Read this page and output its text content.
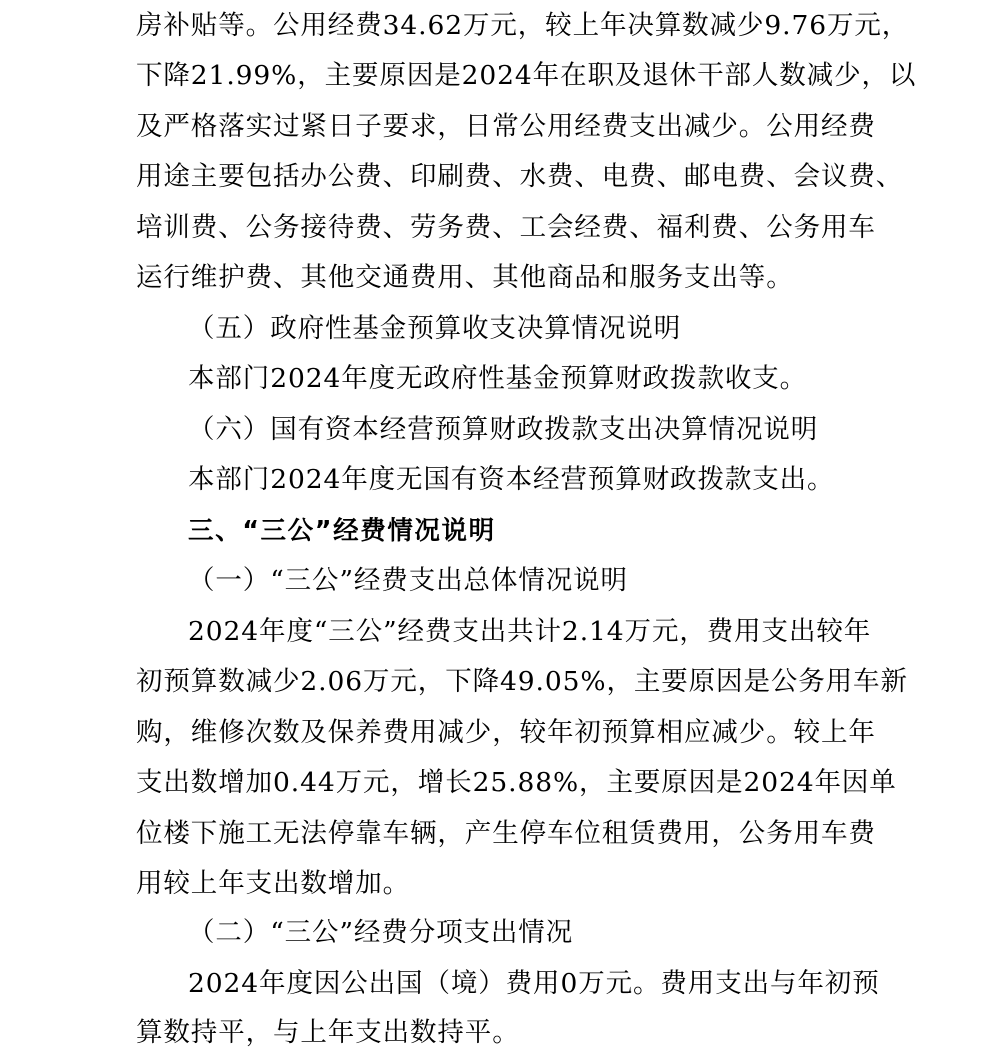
房补贴等。公用经费34.62万元，较上年决算数减少9.76万元，

下降21.99%，主要原因是2024年在职及退休干部人数减少，以

及严格落实过紧日子要求，日常公用经费支出减少。公用经费

用途主要包括办公费、印刷费、水费、电费、邮电费、会议费、

培训费、公务接待费、劳务费、工会经费、福利费、公务用车

运行维护费、其他交通费用、其他商品和服务支出等。

（五）政府性基金预算收支决算情况说明

本部门2024年度无政府性基金预算财政拨款收支。

（六）国有资本经营预算财政拨款支出决算情况说明

本部门2024年度无国有资本经营预算财政拨款支出。

三、“三公”经费情况说明

（一）“三公”经费支出总体情况说明

2024年度“三公”经费支出共计2.14万元，费用支出较年

初预算数减少2.06万元，下降49.05%，主要原因是公务用车新

购，维修次数及保养费用减少，较年初预算相应减少。较上年

支出数增加0.44万元，增长25.88%，主要原因是2024年因单

位楼下施工无法停靠车辆，产生停车位租赁费用，公务用车费

用较上年支出数增加。

（二）“三公”经费分项支出情况

2024年度因公出国（境）费用0万元。费用支出与年初预

算数持平，与上年支出数持平。
